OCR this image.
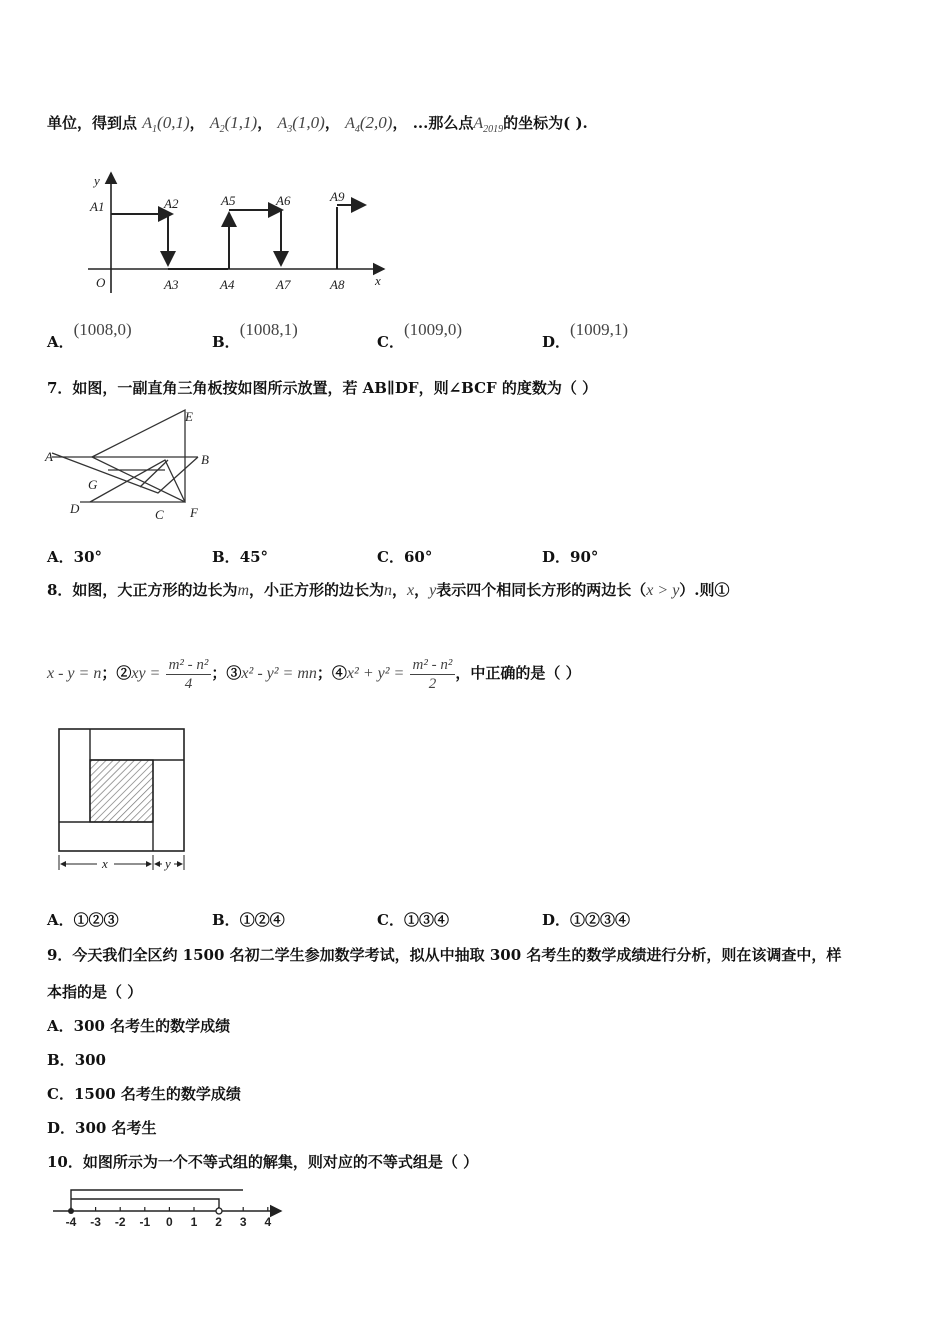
单位，得到点 $A_1(0,1)$， $A_2(1,1)$， $A_3(1,0)$， $A_4(2,0)$， ...那么点$A_{2019}$的坐标为( ).
y
x
O
A1	A2
A3	A4
A5	A6
A7	A8
A9
A．(1008,0)
B．(1008,1)
C．(1009,0)
D．(1009,1)
7．如图，一副直角三角板按如图所示放置，若 AB∥DF，则∠BCF 的度数为（ ）
A	B
C
D
E
F
G
A．30°	B．45°	C．60°	D．90°
8．如图，大正方形的边长为m，小正方形的边长为n，x，y表示四个相同长方形的两边长（x > y）.则①
x - y = n；②xy = $\frac{\text{m² - n²}}{4}$ ；③x² - y² = mn；④x² + $y^2 = \frac{\text{m² - n²}}{2}$ ，中正确的是（ ）
x	y
A．①②③	B．①②④	C．①③④	D．①②③④
9．今天我们全区约 1500 名初二学生参加数学考试，拟从中抽取 300 名考生的数学成绩进行分析，则在该调查中，样
本指的是（ ）
A．300 名考生的数学成绩
B．300
C．1500 名考生的数学成绩
D．300 名考生
10．如图所示为一个不等式组的解集，则对应的不等式组是（ ）
-4 -3 -2 -1 0 1 2 3 4
